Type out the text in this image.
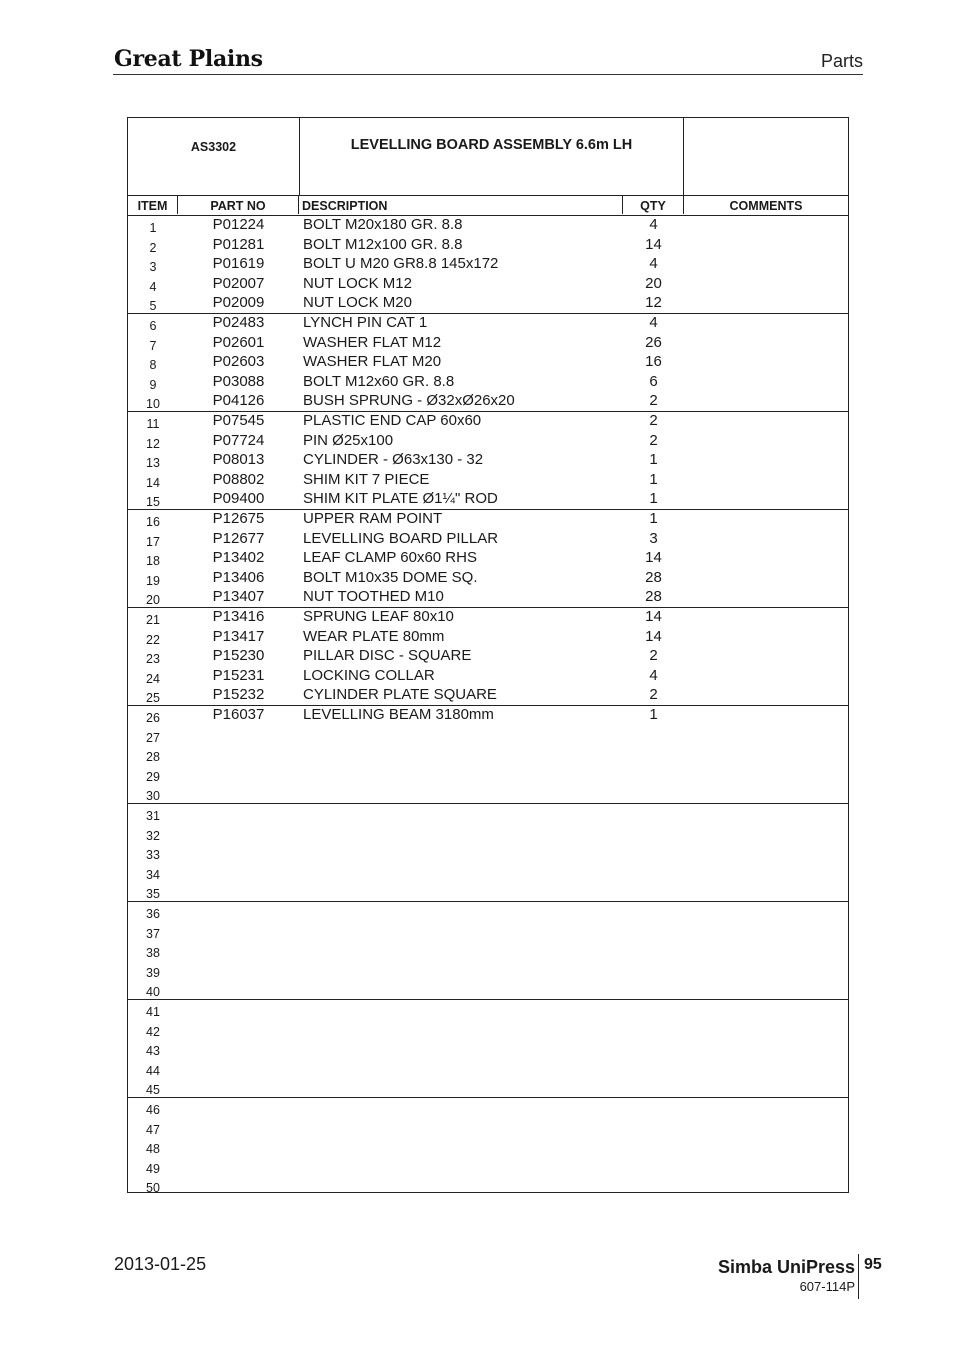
Great Plains	Parts
AS3302	LEVELLING BOARD ASSEMBLY 6.6m LH
ITEM	PART NO	DESCRIPTION	QTY	COMMENTS
1	P01224	BOLT M20x180 GR. 8.8	4
2	P01281	BOLT M12x100 GR. 8.8	14
3	P01619	BOLT U M20 GR8.8 145x172	4
4	P02007	NUT LOCK M12	20
5	P02009	NUT LOCK M20	12
6	P02483	LYNCH PIN CAT 1	4
7	P02601	WASHER FLAT M12	26
8	P02603	WASHER FLAT M20	16
9	P03088	BOLT M12x60 GR. 8.8	6
10	P04126	BUSH SPRUNG - Ø32xØ26x20	2
11	P07545	PLASTIC END CAP 60x60	2
12	P07724	PIN Ø25x100	2
13	P08013	CYLINDER - Ø63x130 - 32	1
14	P08802	SHIM KIT 7 PIECE	1
15	P09400	SHIM KIT PLATE Ø1¼" ROD	1
16	P12675	UPPER RAM POINT	1
17	P12677	LEVELLING BOARD PILLAR	3
18	P13402	LEAF CLAMP 60x60 RHS	14
19	P13406	BOLT M10x35 DOME SQ.	28
20	P13407	NUT TOOTHED M10	28
21	P13416	SPRUNG LEAF 80x10	14
22	P13417	WEAR PLATE 80mm	14
23	P15230	PILLAR DISC - SQUARE	2
24	P15231	LOCKING COLLAR	4
25	P15232	CYLINDER PLATE SQUARE	2
26	P16037	LEVELLING BEAM 3180mm	1
27
28
29
30
31
32
33
34
35
36
37
38
39
40
41
42
43
44
45
46
47
48
49
50
2013-01-25	Simba UniPress 95
607-114P
